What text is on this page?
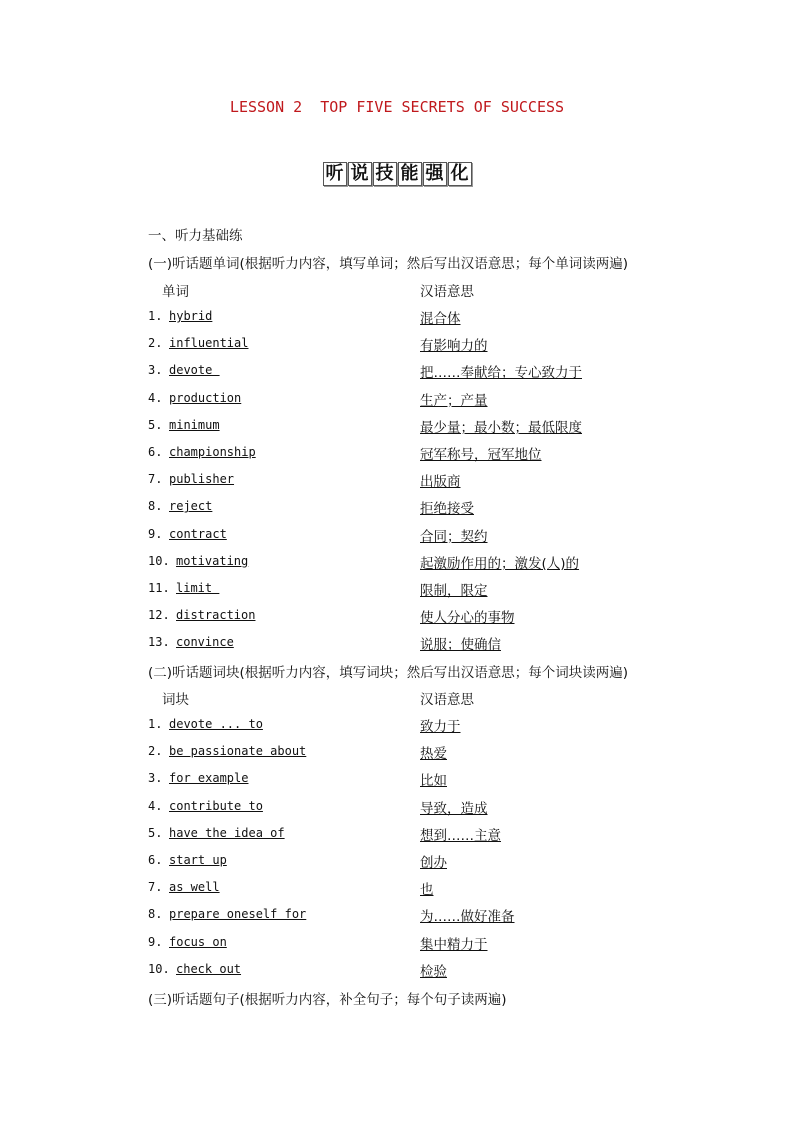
LESSON 2  TOP FIVE SECRETS OF SUCCESS
听 说 技 能 强 化
一、听力基础练
(一)听话题单词(根据听力内容，填写单词；然后写出汉语意思；每个单词读两遍)
单词	汉语意思
1. hybrid	混合体
2. influential	有影响力的
3. devote	把……奉献给；专心致力于
4. production	生产；产量
5. minimum	最少量；最小数；最低限度
6. championship	冠军称号，冠军地位
7. publisher	出版商
8. reject	拒绝接受
9. contract	合同；契约
10. motivating	起激励作用的；激发(人)的
11. limit	限制，限定
12. distraction	使人分心的事物
13. convince	说服；使确信
(二)听话题词块(根据听力内容，填写词块；然后写出汉语意思；每个词块读两遍)
词块	汉语意思
1. devote ... to	致力于
2. be passionate about	热爱
3. for example	比如
4. contribute to	导致，造成
5. have the idea of	想到……主意
6. start up	创办
7. as well	也
8. prepare oneself for	为……做好准备
9. focus on	集中精力于
10. check out	检验
(三)听话题句子(根据听力内容，补全句子；每个句子读两遍)
